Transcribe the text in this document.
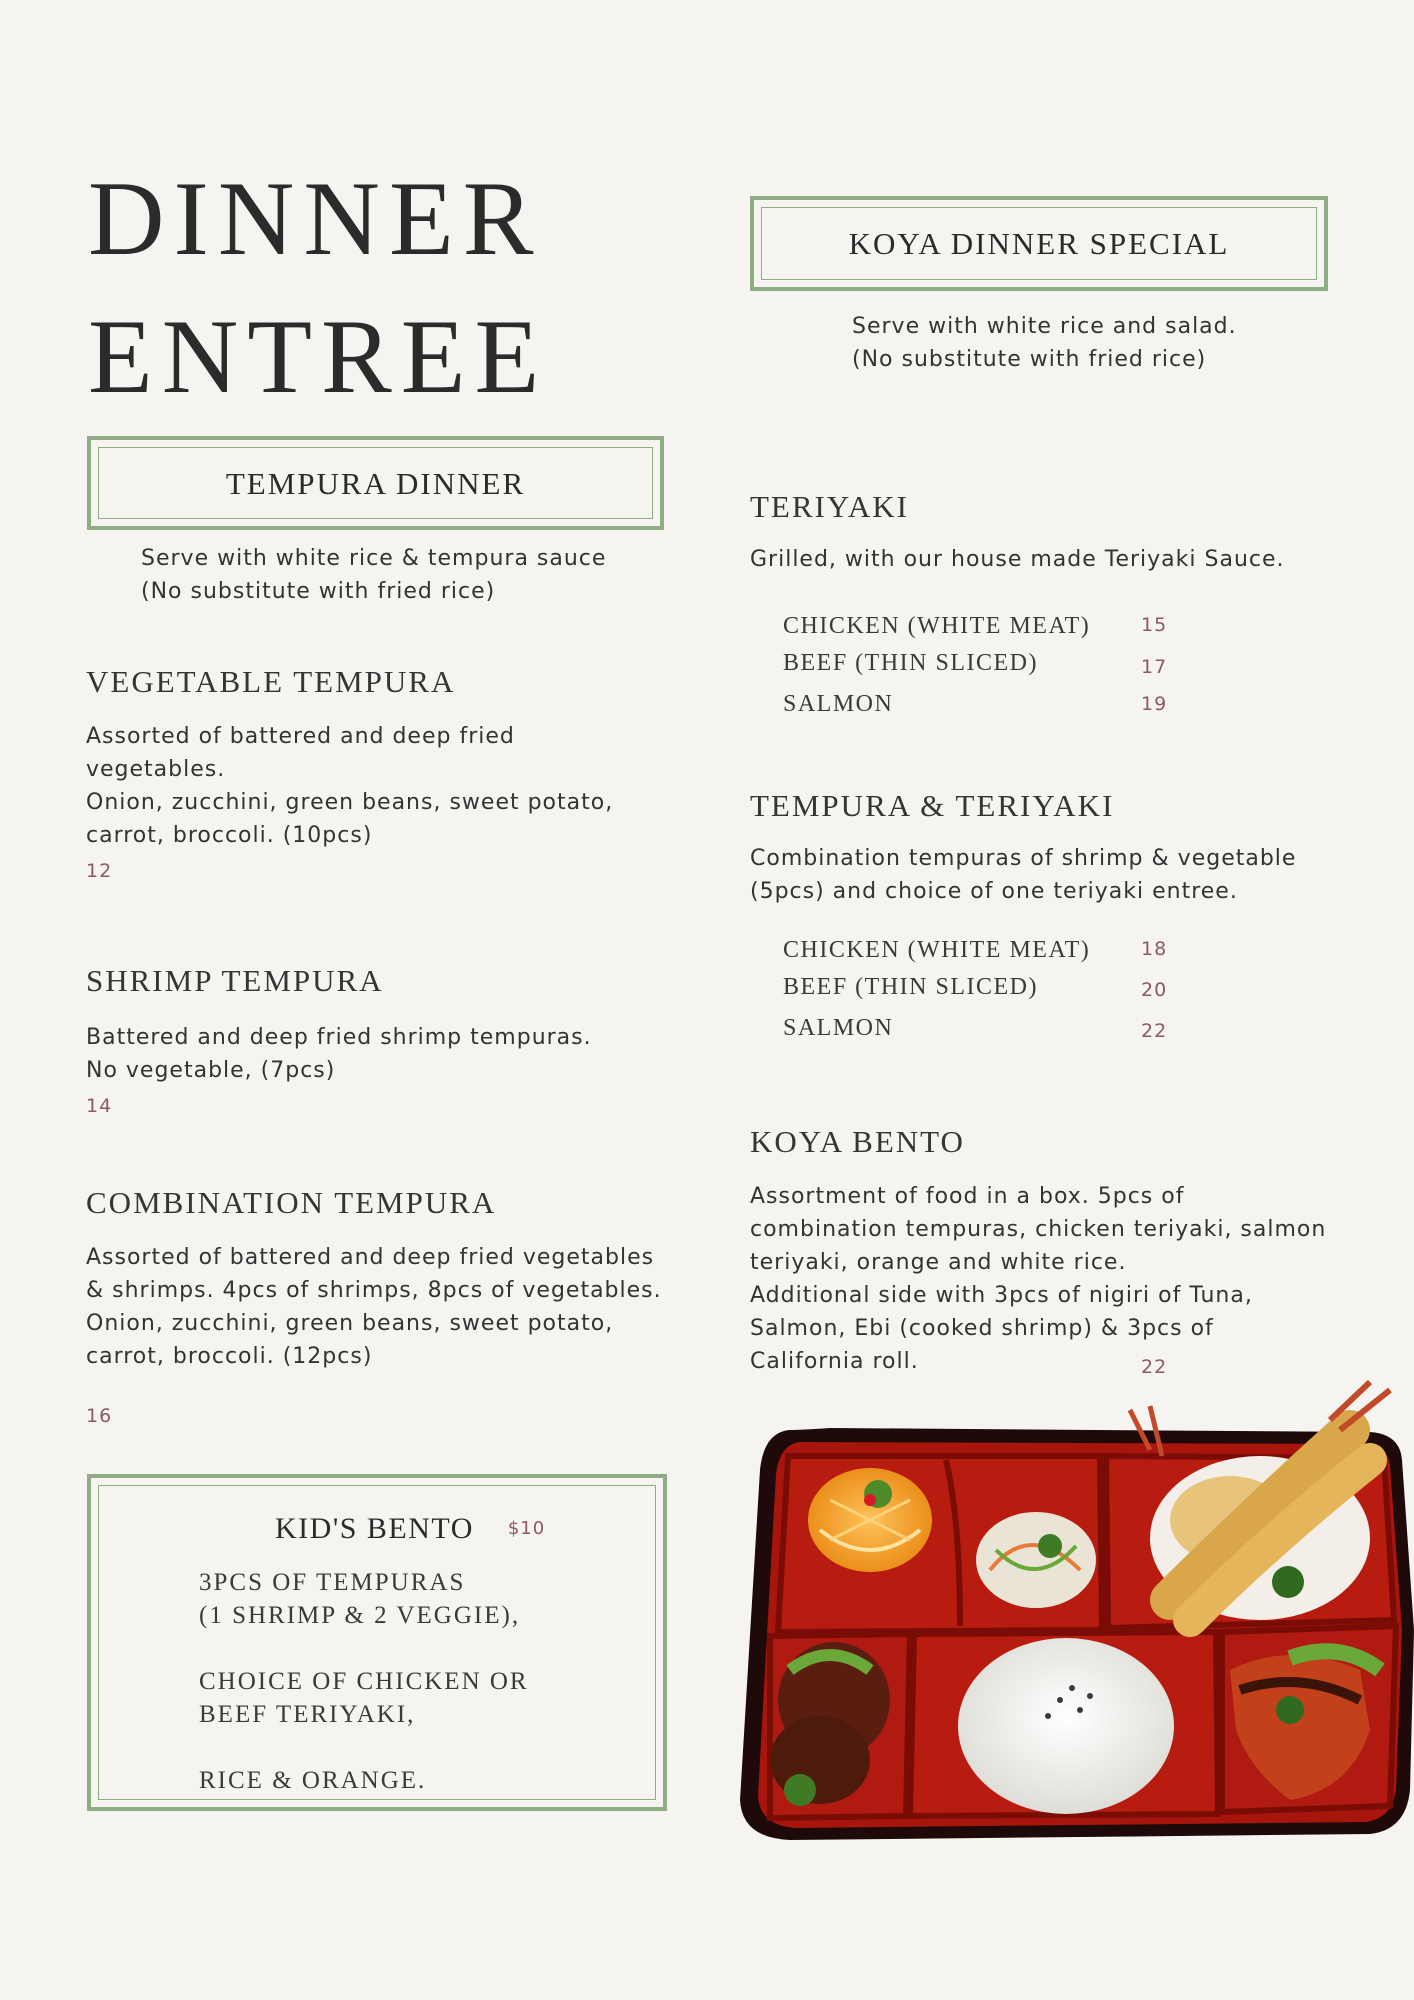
DINNER
ENTREE
TEMPURA DINNER
Serve with white rice & tempura sauce
(No substitute with fried rice)
VEGETABLE TEMPURA
Assorted of battered and deep fried
vegetables.
Onion, zucchini, green beans, sweet potato,
carrot, broccoli. (10pcs)
12
SHRIMP TEMPURA
Battered and deep fried shrimp tempuras.
No vegetable, (7pcs)
14
COMBINATION TEMPURA
Assorted of battered and deep fried vegetables
& shrimps. 4pcs of shrimps, 8pcs of vegetables.
Onion, zucchini, green beans, sweet potato,
carrot, broccoli. (12pcs)
16
KID'S BENTO $10
3PCS OF TEMPURAS
(1 SHRIMP & 2 VEGGIE),
CHOICE OF CHICKEN OR
BEEF TERIYAKI,
RICE & ORANGE.
KOYA DINNER SPECIAL
Serve with white rice and salad.
(No substitute with fried rice)
TERIYAKI
Grilled, with our house made Teriyaki Sauce.
CHICKEN (WHITE MEAT)	15
BEEF (THIN SLICED)	17
SALMON	19
TEMPURA & TERIYAKI
Combination tempuras of shrimp & vegetable
(5pcs) and choice of one teriyaki entree.
CHICKEN (WHITE MEAT)	18
BEEF (THIN SLICED)	20
SALMON	22
KOYA BENTO
Assortment of food in a box. 5pcs of
combination tempuras, chicken teriyaki, salmon
teriyaki, orange and white rice.
Additional side with 3pcs of nigiri of Tuna,
Salmon, Ebi (cooked shrimp) & 3pcs of
California roll.	22
